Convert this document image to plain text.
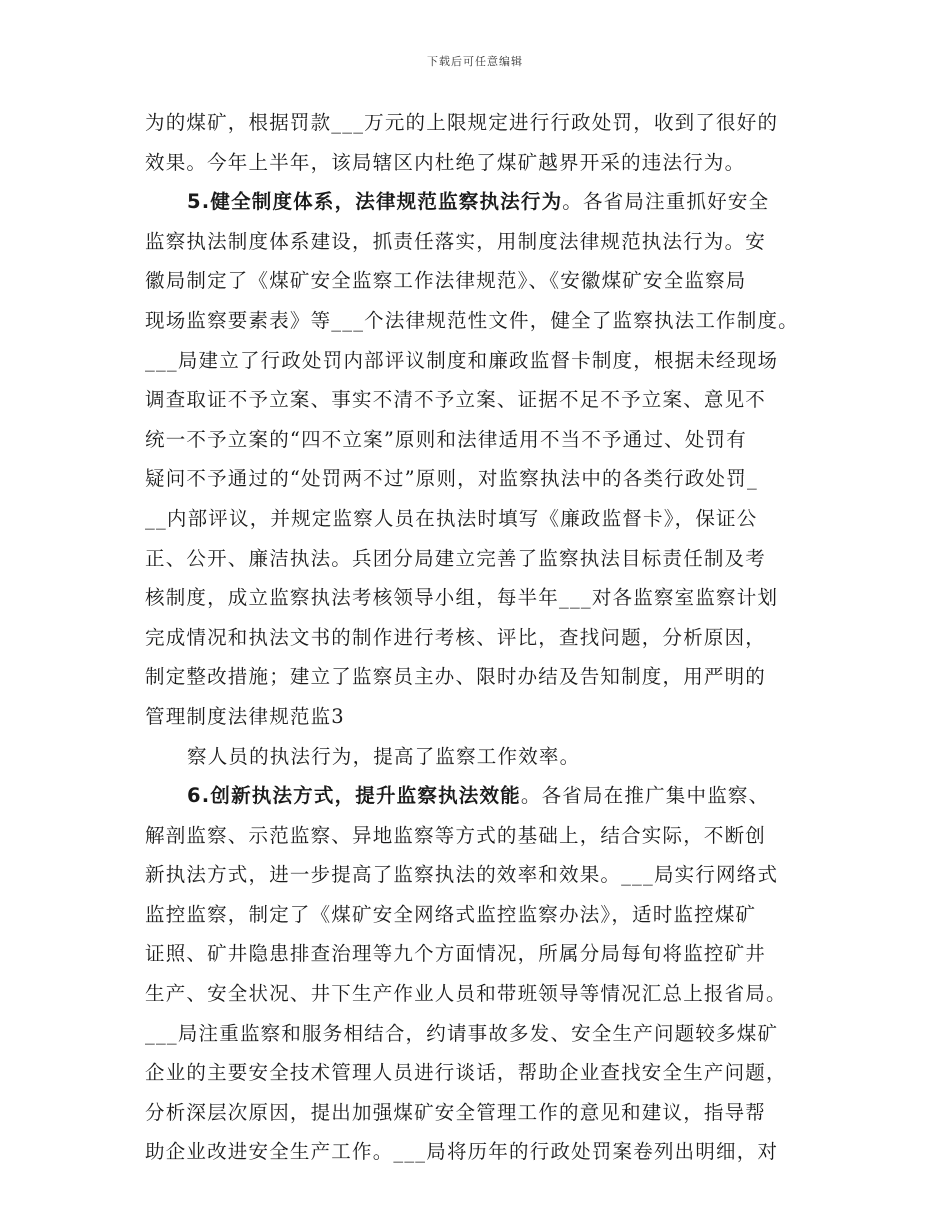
下载后可任意编辑
为的煤矿，根据罚款___万元的上限规定进行行政处罚，收到了很好的
效果。今年上半年，该局辖区内杜绝了煤矿越界开采的违法行为。
5.健全制度体系，法律规范监察执法行为。各省局注重抓好安全
监察执法制度体系建设，抓责任落实，用制度法律规范执法行为。安
徽局制定了《煤矿安全监察工作法律规范》、《安徽煤矿安全监察局
现场监察要素表》等___个法律规范性文件，健全了监察执法工作制度。
___局建立了行政处罚内部评议制度和廉政监督卡制度，根据未经现场
调查取证不予立案、事实不清不予立案、证据不足不予立案、意见不
统一不予立案的“四不立案”原则和法律适用不当不予通过、处罚有
疑问不予通过的“处罚两不过”原则，对监察执法中的各类行政处罚_
__内部评议，并规定监察人员在执法时填写《廉政监督卡》，保证公
正、公开、廉洁执法。兵团分局建立完善了监察执法目标责任制及考
核制度，成立监察执法考核领导小组，每半年___对各监察室监察计划
完成情况和执法文书的制作进行考核、评比，查找问题，分析原因，
制定整改措施；建立了监察员主办、限时办结及告知制度，用严明的
管理制度法律规范监3
察人员的执法行为，提高了监察工作效率。
6.创新执法方式，提升监察执法效能。各省局在推广集中监察、
解剖监察、示范监察、异地监察等方式的基础上，结合实际，不断创
新执法方式，进一步提高了监察执法的效率和效果。___局实行网络式
监控监察，制定了《煤矿安全网络式监控监察办法》，适时监控煤矿
证照、矿井隐患排查治理等九个方面情况，所属分局每旬将监控矿井
生产、安全状况、井下生产作业人员和带班领导等情况汇总上报省局。
___局注重监察和服务相结合，约请事故多发、安全生产问题较多煤矿
企业的主要安全技术管理人员进行谈话，帮助企业查找安全生产问题，
分析深层次原因，提出加强煤矿安全管理工作的意见和建议，指导帮
助企业改进安全生产工作。___局将历年的行政处罚案卷列出明细，对
